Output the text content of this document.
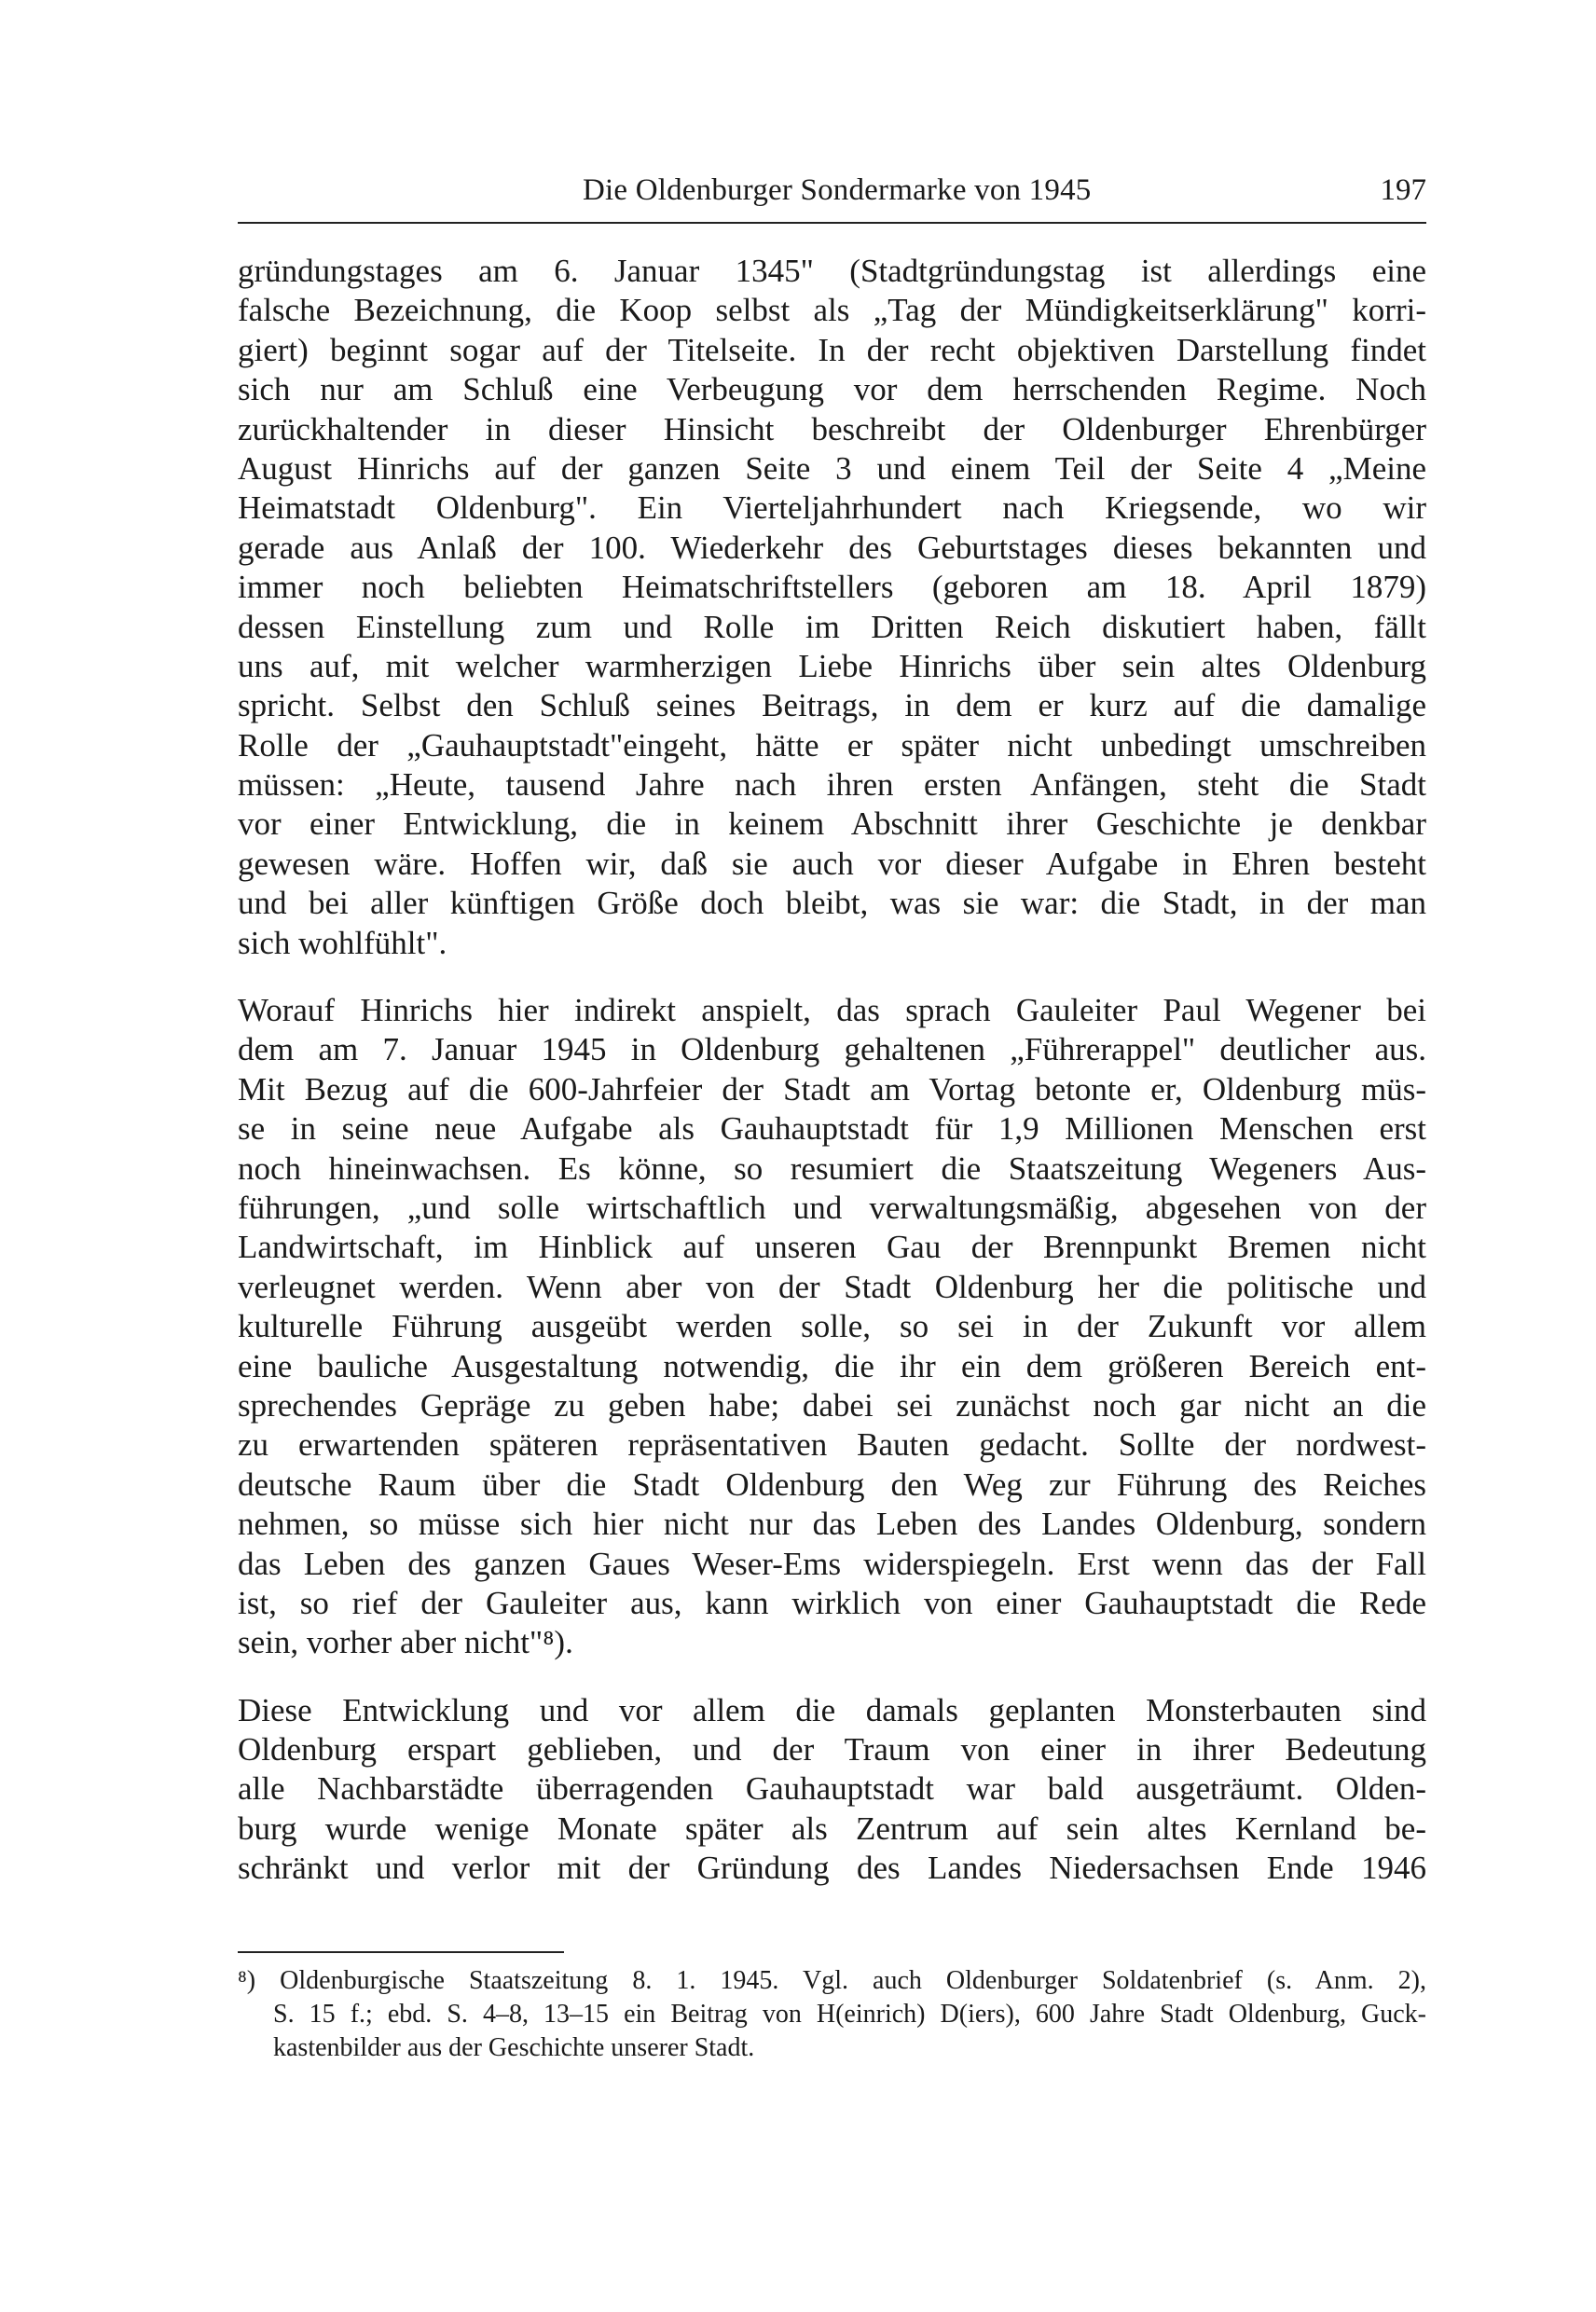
Die Oldenburger Sondermarke von 1945	197
gründungstages am 6. Januar 1345" (Stadtgründungstag ist allerdings eine
falsche Bezeichnung, die Koop selbst als „Tag der Mündigkeitserklärung" korri-
giert) beginnt sogar auf der Titelseite. In der recht objektiven Darstellung findet
sich nur am Schluß eine Verbeugung vor dem herrschenden Regime. Noch
zurückhaltender in dieser Hinsicht beschreibt der Oldenburger Ehrenbürger
August Hinrichs auf der ganzen Seite 3 und einem Teil der Seite 4 „Meine
Heimatstadt Oldenburg". Ein Vierteljahrhundert nach Kriegsende, wo wir
gerade aus Anlaß der 100. Wiederkehr des Geburtstages dieses bekannten und
immer noch beliebten Heimatschriftstellers (geboren am 18. April 1879)
dessen Einstellung zum und Rolle im Dritten Reich diskutiert haben, fällt
uns auf, mit welcher warmherzigen Liebe Hinrichs über sein altes Oldenburg
spricht. Selbst den Schluß seines Beitrags, in dem er kurz auf die damalige
Rolle der „Gauhauptstadt"eingeht, hätte er später nicht unbedingt umschreiben
müssen: „Heute, tausend Jahre nach ihren ersten Anfängen, steht die Stadt
vor einer Entwicklung, die in keinem Abschnitt ihrer Geschichte je denkbar
gewesen wäre. Hoffen wir, daß sie auch vor dieser Aufgabe in Ehren besteht
und bei aller künftigen Größe doch bleibt, was sie war: die Stadt, in der man
sich wohlfühlt".
Worauf Hinrichs hier indirekt anspielt, das sprach Gauleiter Paul Wegener bei
dem am 7. Januar 1945 in Oldenburg gehaltenen „Führerappel" deutlicher aus.
Mit Bezug auf die 600-Jahrfeier der Stadt am Vortag betonte er, Oldenburg müs-
se in seine neue Aufgabe als Gauhauptstadt für 1,9 Millionen Menschen erst
noch hineinwachsen. Es könne, so resumiert die Staatszeitung Wegeners Aus-
führungen, „und solle wirtschaftlich und verwaltungsmäßig, abgesehen von der
Landwirtschaft, im Hinblick auf unseren Gau der Brennpunkt Bremen nicht
verleugnet werden. Wenn aber von der Stadt Oldenburg her die politische und
kulturelle Führung ausgeübt werden solle, so sei in der Zukunft vor allem
eine bauliche Ausgestaltung notwendig, die ihr ein dem größeren Bereich ent-
sprechendes Gepräge zu geben habe; dabei sei zunächst noch gar nicht an die
zu erwartenden späteren repräsentativen Bauten gedacht. Sollte der nordwest-
deutsche Raum über die Stadt Oldenburg den Weg zur Führung des Reiches
nehmen, so müsse sich hier nicht nur das Leben des Landes Oldenburg, sondern
das Leben des ganzen Gaues Weser-Ems widerspiegeln. Erst wenn das der Fall
ist, so rief der Gauleiter aus, kann wirklich von einer Gauhauptstadt die Rede
sein, vorher aber nicht"⁸).
Diese Entwicklung und vor allem die damals geplanten Monsterbauten sind
Oldenburg erspart geblieben, und der Traum von einer in ihrer Bedeutung
alle Nachbarstädte überragenden Gauhauptstadt war bald ausgeträumt. Olden-
burg wurde wenige Monate später als Zentrum auf sein altes Kernland be-
schränkt und verlor mit der Gründung des Landes Niedersachsen Ende 1946
⁸) Oldenburgische Staatszeitung 8. 1. 1945. Vgl. auch Oldenburger Soldatenbrief (s. Anm. 2),
S. 15 f.; ebd. S. 4–8, 13–15 ein Beitrag von H(einrich) D(iers), 600 Jahre Stadt Oldenburg, Guck-
kastenbilder aus der Geschichte unserer Stadt.
